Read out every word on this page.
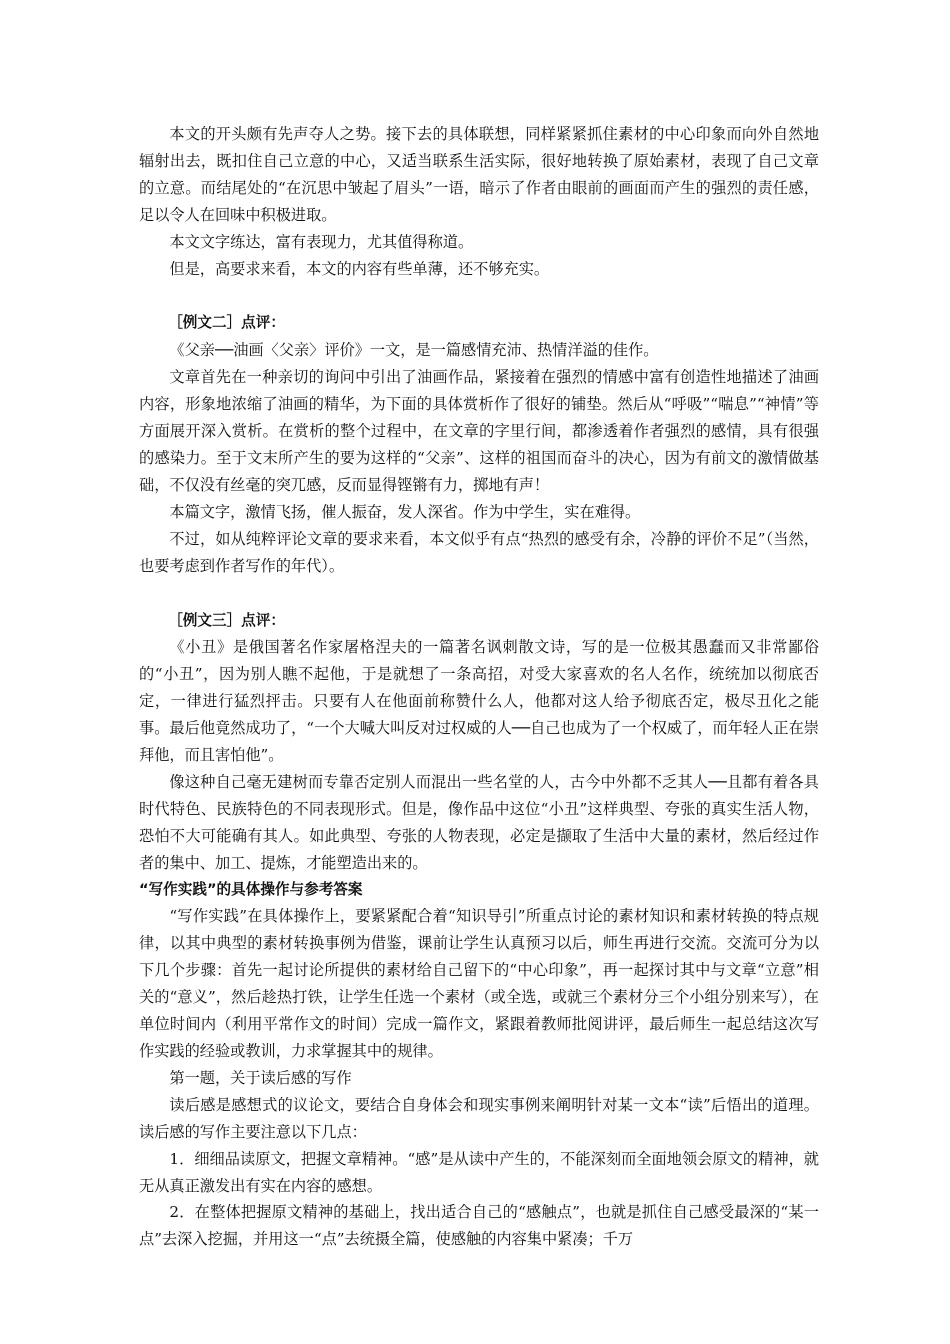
本文的开头颇有先声夺人之势。接下去的具体联想，同样紧紧抓住素材的中心印象而向外自然地辐射出去，既扣住自己立意的中心，又适当联系生活实际，很好地转换了原始素材，表现了自己文章的立意。而结尾处的“在沉思中皱起了眉头”一语，暗示了作者由眼前的画面而产生的强烈的责任感，足以令人在回味中积极进取。

本文文字练达，富有表现力，尤其值得称道。

但是，高要求来看，本文的内容有些单薄，还不够充实。

［例文二］点评：

《父亲──油画〈父亲〉评价》一文，是一篇感情充沛、热情洋溢的佳作。

文章首先在一种亲切的询问中引出了油画作品，紧接着在强烈的情感中富有创造性地描述了油画内容，形象地浓缩了油画的精华，为下面的具体赏析作了很好的铺垫。然后从“呼吸”“喘息”“神情”等方面展开深入赏析。在赏析的整个过程中，在文章的字里行间，都渗透着作者强烈的感情，具有很强的感染力。至于文末所产生的要为这样的“父亲”、这样的祖国而奋斗的决心，因为有前文的激情做基础，不仅没有丝毫的突兀感，反而显得铿锵有力，掷地有声！

本篇文字，激情飞扬，催人振奋，发人深省。作为中学生，实在难得。

不过，如从纯粹评论文章的要求来看，本文似乎有点“热烈的感受有余，冷静的评价不足”（当然，也要考虑到作者写作的年代）。

［例文三］点评：

《小丑》是俄国著名作家屠格涅夫的一篇著名讽刺散文诗，写的是一位极其愚蠢而又非常鄙俗的“小丑”，因为别人瞧不起他，于是就想了一条高招，对受大家喜欢的名人名作，统统加以彻底否定，一律进行猛烈抨击。只要有人在他面前称赞什么人，他都对这人给予彻底否定，极尽丑化之能事。最后他竟然成功了，“一个大喊大叫反对过权威的人──自己也成为了一个权威了，而年轻人正在崇拜他，而且害怕他”。

像这种自己毫无建树而专靠否定别人而混出一些名堂的人，古今中外都不乏其人──且都有着各具时代特色、民族特色的不同表现形式。但是，像作品中这位“小丑”这样典型、夸张的真实生活人物，恐怕不大可能确有其人。如此典型、夸张的人物表现，必定是撷取了生活中大量的素材，然后经过作者的集中、加工、提炼，才能塑造出来的。

“写作实践”的具体操作与参考答案

“写作实践”在具体操作上，要紧紧配合着“知识导引”所重点讨论的素材知识和素材转换的特点规律，以其中典型的素材转换事例为借鉴，课前让学生认真预习以后，师生再进行交流。交流可分为以下几个步骤：首先一起讨论所提供的素材给自己留下的“中心印象”，再一起探讨其中与文章“立意”相关的“意义”，然后趁热打铁，让学生任选一个素材（或全选，或就三个素材分三个小组分别来写），在单位时间内（利用平常作文的时间）完成一篇作文，紧跟着教师批阅讲评，最后师生一起总结这次写作实践的经验或教训，力求掌握其中的规律。

第一题，关于读后感的写作

读后感是感想式的议论文，要结合自身体会和现实事例来阐明针对某一文本“读”后悟出的道理。读后感的写作主要注意以下几点：

1．细细品读原文，把握文章精神。“感”是从读中产生的，不能深刻而全面地领会原文的精神，就无从真正激发出有实在内容的感想。

2．在整体把握原文精神的基础上，找出适合自己的“感触点”，也就是抓住自己感受最深的“某一点”去深入挖掘，并用这一“点”去统摄全篇，使感触的内容集中紧凑；千万
